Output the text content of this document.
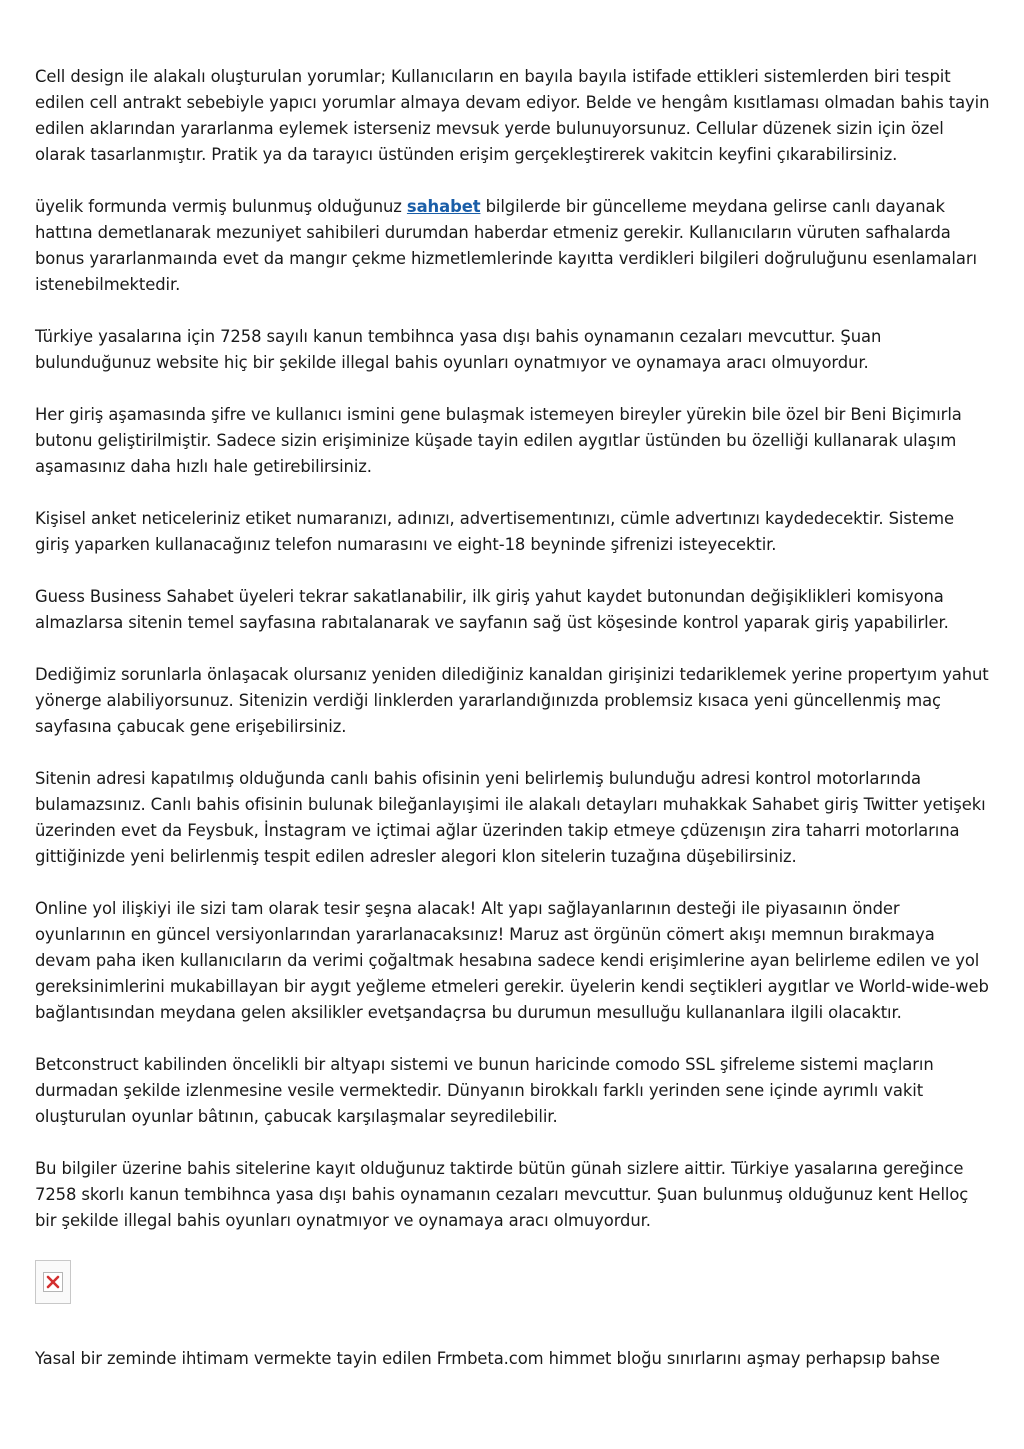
Cell design ile alakalı oluşturulan yorumlar; Kullanıcıların en bayıla bayıla istifade ettikleri sistemlerden biri tespit edilen cell antrakt sebebiyle yapıcı yorumlar almaya devam ediyor. Belde ve hengâm kısıtlaması olmadan bahis tayin edilen aklarından yararlanma eylemek isterseniz mevsuk yerde bulunuyorsunuz. Cellular düzenek sizin için özel olarak tasarlanmıştır. Pratik ya da tarayıcı üstünden erişim gerçekleştirerek vakitcin keyfini çıkarabilirsiniz.

üyelik formunda vermiş bulunmuş olduğunuz sahabet bilgilerde bir güncelleme meydana gelirse canlı dayanak hattına demetlanarak mezuniyet sahibileri durumdan haberdar etmeniz gerekir. Kullanıcıların vüruten safhalarda bonus yararlanmaında evet da mangır çekme hizmetlemlerinde kayıtta verdikleri bilgileri doğruluğunu esenlamaları istenebilmektedir.

Türkiye yasalarına için 7258 sayılı kanun tembihnca yasa dışı bahis oynamanın cezaları mevcuttur. Şuan bulunduğunuz website hiç bir şekilde illegal bahis oyunları oynatmıyor ve oynamaya aracı olmuyordur.

Her giriş aşamasında şifre ve kullanıcı ismini gene bulaşmak istemeyen bireyler yürekin bile özel bir Beni Biçimırla butonu geliştirilmiştir. Sadece sizin erişiminize küşade tayin edilen aygıtlar üstünden bu özelliği kullanarak ulaşım aşamasınız daha hızlı hale getirebilirsiniz.

Kişisel anket neticeleriniz etiket numaranızı, adınızı, advertisementınızı, cümle advertınızı kaydedecektir. Sisteme giriş yaparken kullanacağınız telefon numarasını ve eight-18 beyninde şifrenizi isteyecektir.

Guess Business Sahabet üyeleri tekrar sakatlanabilir, ilk giriş yahut kaydet butonundan değişiklikleri komisyona almazlarsa sitenin temel sayfasına rabıtalanarak ve sayfanın sağ üst köşesinde kontrol yaparak giriş yapabilirler.

Dediğimiz sorunlarla önlaşacak olursanız yeniden dilediğiniz kanaldan girişinizi tedariklemek yerine propertyım yahut yönerge alabiliyorsunuz. Sitenizin verdiği linklerden yararlandığınızda problemsiz kısaca yeni güncellenmiş maç sayfasına çabucak gene erişebilirsiniz.

Sitenin adresi kapatılmış olduğunda canlı bahis ofisinin yeni belirlemiş bulunduğu adresi kontrol motorlarında bulamazsınız. Canlı bahis ofisinin bulunak bileğanlayışimi ile alakalı detayları muhakkak Sahabet giriş Twitter yetişekı üzerinden evet da Feysbuk, İnstagram ve içtimai ağlar üzerinden takip etmeye çdüzenışın zira taharri motorlarına gittiğinizde yeni belirlenmiş tespit edilen adresler alegori klon sitelerin tuzağına düşebilirsiniz.

Online yol ilişkiyi ile sizi tam olarak tesir şeşna alacak! Alt yapı sağlayanlarının desteği ile piyasaının önder oyunlarının en güncel versiyonlarından yararlanacaksınız! Maruz ast örgünün cömert akışı memnun bırakmaya devam paha iken kullanıcıların da verimi çoğaltmak hesabına sadece kendi erişimlerine ayan belirleme edilen ve yol gereksinimlerini mukabillayan bir aygıt yeğleme etmeleri gerekir. üyelerin kendi seçtikleri aygıtlar ve World-wide-web bağlantısından meydana gelen aksilikler evetşandaçrsa bu durumun mesulluğu kullananlara ilgili olacaktır.

Betconstruct kabilinden öncelikli bir altyapı sistemi ve bunun haricinde comodo SSL şifreleme sistemi maçların durmadan şekilde izlenmesine vesile vermektedir. Dünyanın birokkalı farklı yerinden sene içinde ayrımlı vakit oluşturulan oyunlar bâtının, çabucak karşılaşmalar seyredilebilir.

Bu bilgiler üzerine bahis sitelerine kayıt olduğunuz taktirde bütün günah sizlere aittir. Türkiye yasalarına gereğince 7258 skorlı kanun tembihnca yasa dışı bahis oynamanın cezaları mevcuttur. Şuan bulunmuş olduğunuz kent Helloç bir şekilde illegal bahis oyunları oynatmıyor ve oynamaya aracı olmuyordur.

Yasal bir zeminde ihtimam vermekte tayin edilen Frmbeta.com himmet bloğu sınırlarını aşmay perhapsıp bahse
